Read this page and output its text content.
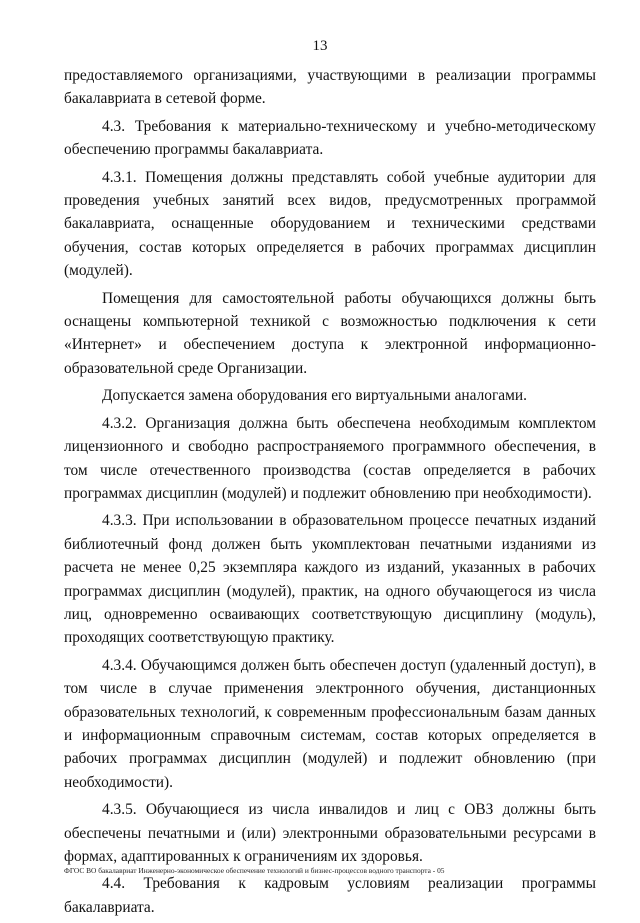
13

предоставляемого организациями, участвующими в реализации программы бакалавриата в сетевой форме.

4.3. Требования к материально-техническому и учебно-методическому обеспечению программы бакалавриата.

4.3.1. Помещения должны представлять собой учебные аудитории для проведения учебных занятий всех видов, предусмотренных программой бакалавриата, оснащенные оборудованием и техническими средствами обучения, состав которых определяется в рабочих программах дисциплин (модулей).

Помещения для самостоятельной работы обучающихся должны быть оснащены компьютерной техникой с возможностью подключения к сети «Интернет» и обеспечением доступа к электронной информационно-образовательной среде Организации.

Допускается замена оборудования его виртуальными аналогами.

4.3.2. Организация должна быть обеспечена необходимым комплектом лицензионного и свободно распространяемого программного обеспечения, в том числе отечественного производства (состав определяется в рабочих программах дисциплин (модулей) и подлежит обновлению при необходимости).

4.3.3. При использовании в образовательном процессе печатных изданий библиотечный фонд должен быть укомплектован печатными изданиями из расчета не менее 0,25 экземпляра каждого из изданий, указанных в рабочих программах дисциплин (модулей), практик, на одного обучающегося из числа лиц, одновременно осваивающих соответствующую дисциплину (модуль), проходящих соответствующую практику.

4.3.4. Обучающимся должен быть обеспечен доступ (удаленный доступ), в том числе в случае применения электронного обучения, дистанционных образовательных технологий, к современным профессиональным базам данных и информационным справочным системам, состав которых определяется в рабочих программах дисциплин (модулей) и подлежит обновлению (при необходимости).

4.3.5. Обучающиеся из числа инвалидов и лиц с ОВЗ должны быть обеспечены печатными и (или) электронными образовательными ресурсами в формах, адаптированных к ограничениям их здоровья.

4.4. Требования к кадровым условиям реализации программы бакалавриата.

ФГОС ВО бакалавриат Инженерно-экономическое обеспечение технологий и бизнес-процессов водного транспорта - 05
